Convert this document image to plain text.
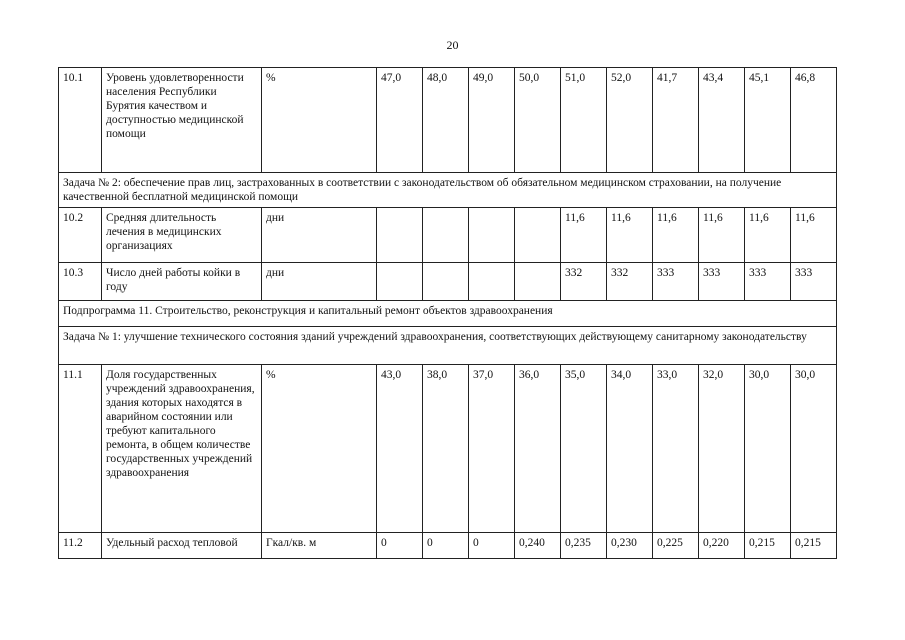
20
10.1	Уровень удовлетворенности населения Республики Бурятия качеством и доступностью медицинской помощи	%	47,0	48,0	49,0	50,0	51,0	52,0	41,7	43,4	45,1	46,8
Задача № 2: обеспечение прав лиц, застрахованных в соответствии с законодательством об обязательном медицинском страховании, на получение качественной бесплатной медицинской помощи												
10.2	Средняя длительность лечения в медицинских организациях	дни					11,6	11,6	11,6	11,6	11,6	11,6
10.3	Число дней работы койки в году	дни					332	332	333	333	333	333
Подпрограмма 11. Строительство, реконструкция и капитальный ремонт объектов здравоохранения												
Задача № 1: улучшение технического состояния зданий учреждений здравоохранения, соответствующих действующему санитарному законодательству												
11.1	Доля государственных учреждений здравоохранения, здания которых находятся в аварийном состоянии или требуют капитального ремонта, в общем количестве государственных учреждений здравоохранения	%	43,0	38,0	37,0	36,0	35,0	34,0	33,0	32,0	30,0	30,0
11.2	Удельный расход тепловой	Гкал/кв. м	0	0	0	0,240	0,235	0,230	0,225	0,220	0,215	0,215
